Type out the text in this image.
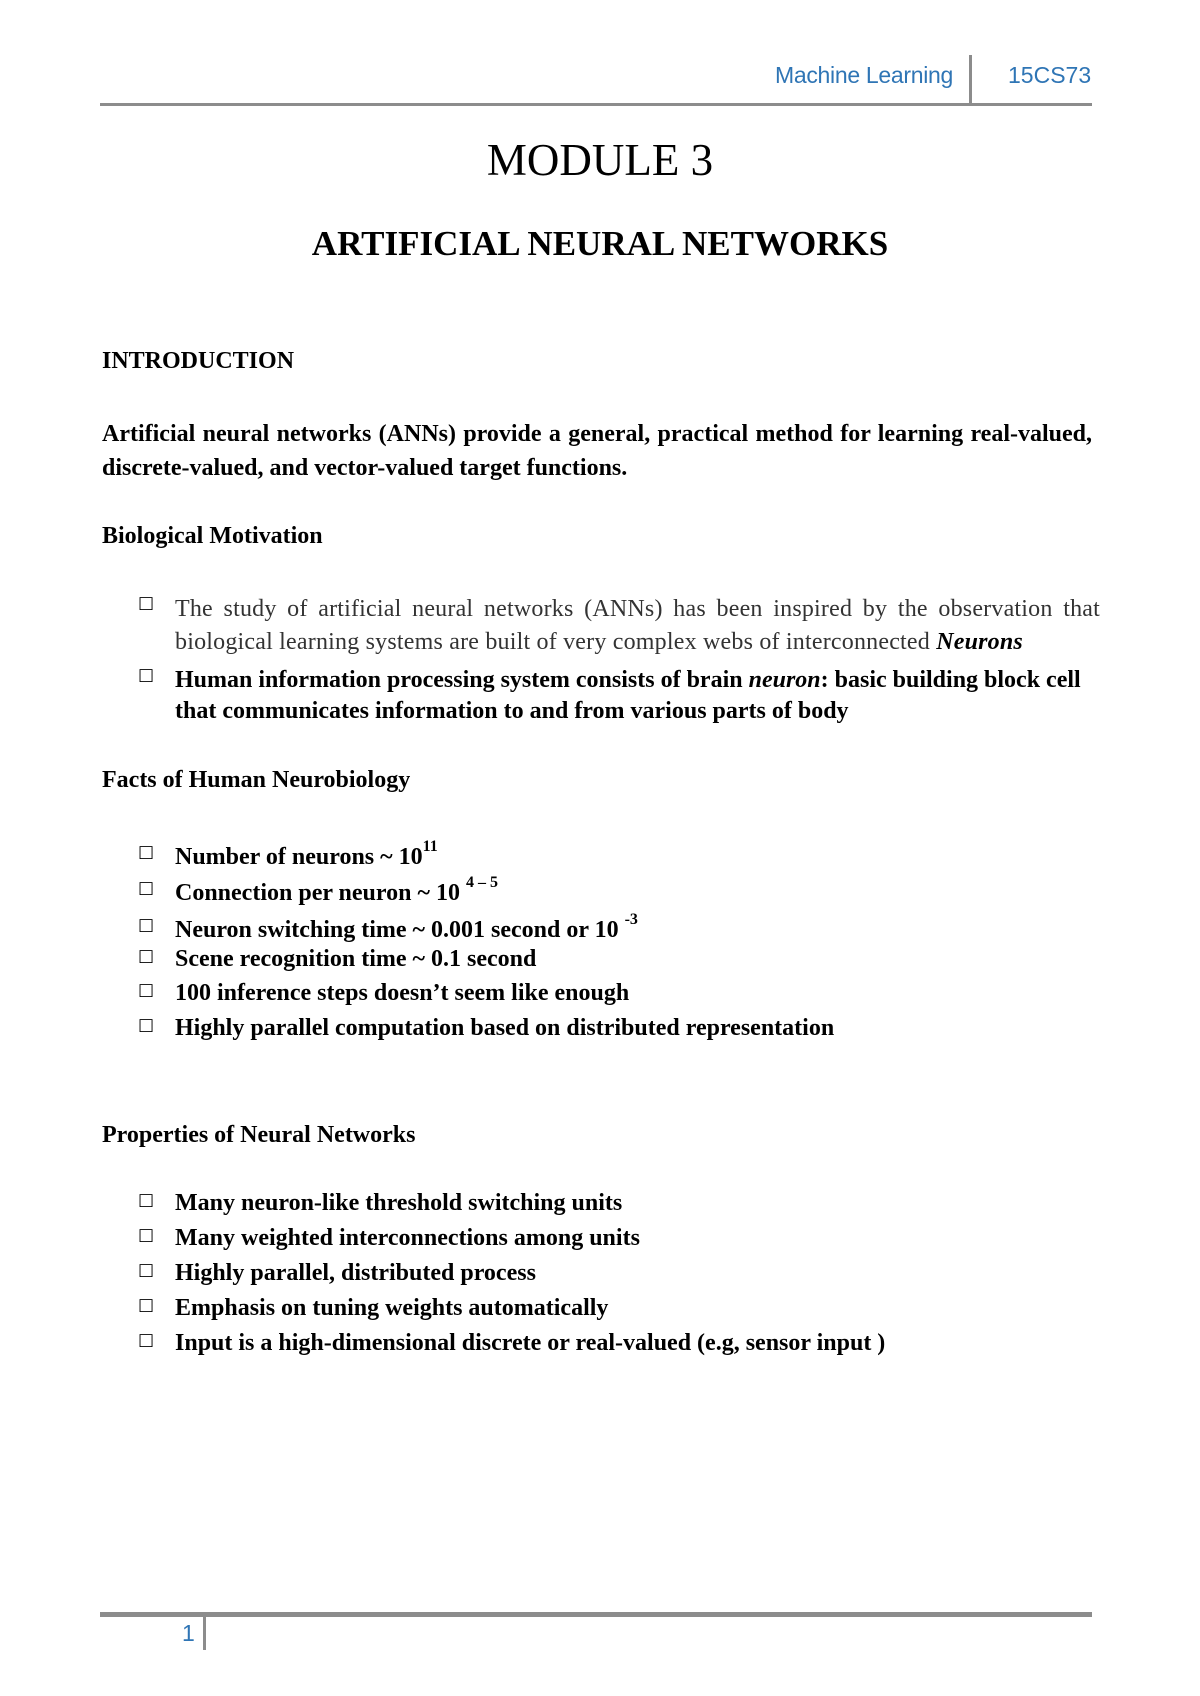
Machine Learning 15CS73
MODULE 3
ARTIFICIAL NEURAL NETWORKS
INTRODUCTION
Artificial neural networks (ANNs) provide a general, practical method for learning real-valued, discrete-valued, and vector-valued target functions.
Biological Motivation
□ The study of artificial neural networks (ANNs) has been inspired by the observation that biological learning systems are built of very complex webs of interconnected Neurons
□ Human information processing system consists of brain neuron: basic building block cell that communicates information to and from various parts of body
Facts of Human Neurobiology
□ Number of neurons ~ $10^{11}$
□ Connection per neuron ~ 10 $^{4 - 5}$
□ Neuron switching time ~ 0.001 second or 10 $^{-3}$
□ Scene recognition time ~ 0.1 second
□ 100 inference steps doesn’t seem like enough
□ Highly parallel computation based on distributed representation
Properties of Neural Networks
□ Many neuron-like threshold switching units
□ Many weighted interconnections among units
□ Highly parallel, distributed process
□ Emphasis on tuning weights automatically
□ Input is a high-dimensional discrete or real-valued (e.g, sensor input )
1
